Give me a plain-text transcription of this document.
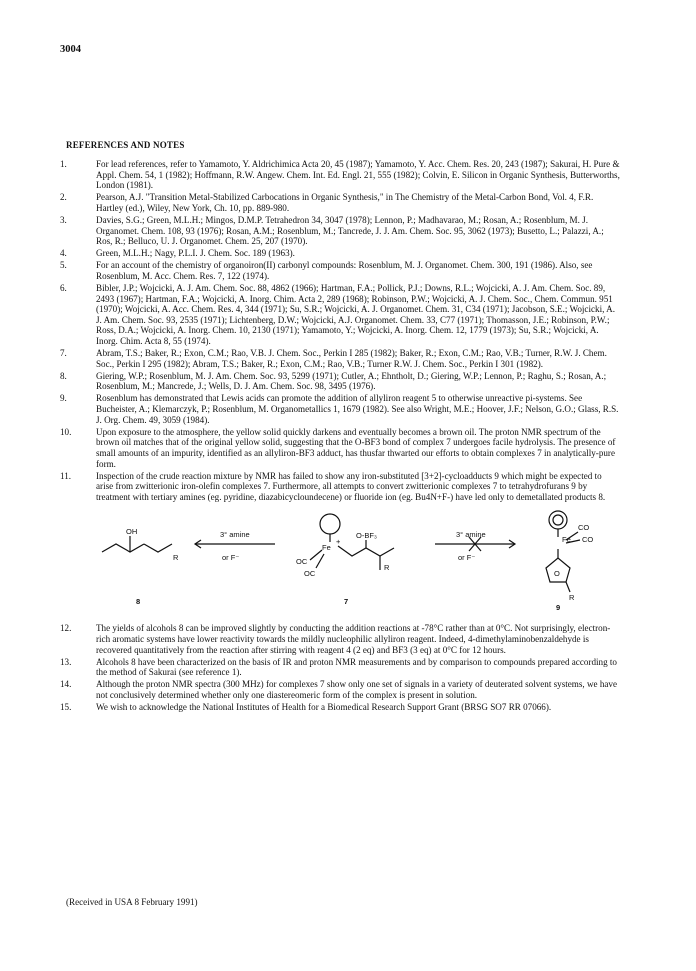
3004
REFERENCES AND NOTES
1.	For lead references, refer to Yamamoto, Y. Aldrichimica Acta 20, 45 (1987); Yamamoto, Y. Acc. Chem. Res. 20, 243 (1987); Sakurai, H. Pure & Appl. Chem. 54, 1 (1982); Hoffmann, R.W. Angew. Chem. Int. Ed. Engl. 21, 555 (1982); Colvin, E. Silicon in Organic Synthesis, Butterworths, London (1981).
2.	Pearson, A.J. "Transition Metal-Stabilized Carbocations in Organic Synthesis," in The Chemistry of the Metal-Carbon Bond, Vol. 4, F.R. Hartley (ed.), Wiley, New York, Ch. 10, pp. 889-980.
3.	Davies, S.G.; Green, M.L.H.; Mingos, D.M.P. Tetrahedron 34, 3047 (1978); Lennon, P.; Madhavarao, M.; Rosan, A.; Rosenblum, M. J. Organomet. Chem. 108, 93 (1976); Rosan, A.M.; Rosenblum, M.; Tancrede, J. J. Am. Chem. Soc. 95, 3062 (1973); Busetto, L.; Palazzi, A.; Ros, R.; Belluco, U. J. Organomet. Chem. 25, 207 (1970).
4.	Green, M.L.H.; Nagy, P.L.I. J. Chem. Soc. 189 (1963).
5.	For an account of the chemistry of organoiron(II) carbonyl compounds: Rosenblum, M. J. Organomet. Chem. 300, 191 (1986). Also, see Rosenblum, M. Acc. Chem. Res. 7, 122 (1974).
6.	Bibler, J.P.; Wojcicki, A. J. Am. Chem. Soc. 88, 4862 (1966); Hartman, F.A.; Pollick, P.J.; Downs, R.L.; Wojcicki, A. J. Am. Chem. Soc. 89, 2493 (1967); Hartman, F.A.; Wojcicki, A. Inorg. Chim. Acta 2, 289 (1968); Robinson, P.W.; Wojcicki, A. J. Chem. Soc., Chem. Commun. 951 (1970); Wojcicki, A. Acc. Chem. Res. 4, 344 (1971); Su, S.R.; Wojcicki, A. J. Organomet. Chem. 31, C34 (1971); Jacobson, S.E.; Wojcicki, A. J. Am. Chem. Soc. 93, 2535 (1971); Lichtenberg, D.W.; Wojcicki, A.J. Organomet. Chem. 33, C77 (1971); Thomasson, J.E.; Robinson, P.W.; Ross, D.A.; Wojcicki, A. Inorg. Chem. 10, 2130 (1971); Yamamoto, Y.; Wojcicki, A. Inorg. Chem. 12, 1779 (1973); Su, S.R.; Wojcicki, A. Inorg. Chim. Acta 8, 55 (1974).
7.	Abram, T.S.; Baker, R.; Exon, C.M.; Rao, V.B. J. Chem. Soc., Perkin I 285 (1982); Baker, R.; Exon, C.M.; Rao, V.B.; Turner, R.W. J. Chem. Soc., Perkin I 295 (1982); Abram, T.S.; Baker, R.; Exon, C.M.; Rao, V.B.; Turner R.W. J. Chem. Soc., Perkin I 301 (1982).
8.	Giering, W.P.; Rosenblum, M. J. Am. Chem. Soc. 93, 5299 (1971); Cutler, A.; Ehntholt, D.; Giering, W.P.; Lennon, P.; Raghu, S.; Rosan, A.; Rosenblum, M.; Mancrede, J.; Wells, D. J. Am. Chem. Soc. 98, 3495 (1976).
9.	Rosenblum has demonstrated that Lewis acids can promote the addition of allyliron reagent 5 to otherwise unreactive pi-systems. See Bucheister, A.; Klemarczyk, P.; Rosenblum, M. Organometallics 1, 1679 (1982). See also Wright, M.E.; Hoover, J.F.; Nelson, G.O.; Glass, R.S. J. Org. Chem. 49, 3059 (1984).
10.	Upon exposure to the atmosphere, the yellow solid quickly darkens and eventually becomes a brown oil. The proton NMR spectrum of the brown oil matches that of the original yellow solid, suggesting that the O-BF3 bond of complex 7 undergoes facile hydrolysis. The presence of small amounts of an impurity, identified as an allyliron-BF3 adduct, has thusfar thwarted our efforts to obtain complexes 7 in analytically-pure form.
11.	Inspection of the crude reaction mixture by NMR has failed to show any iron-substituted [3+2]-cycloadducts 9 which might be expected to arise from zwitterionic iron-olefin complexes 7. Furthermore, all attempts to convert zwitterionic complexes 7 to tetrahydrofurans 9 by treatment with tertiary amines (eg. pyridine, diazabicycloundecene) or fluoride ion (eg. Bu4N+F-) have led only to demetallated products 8.
OH
R
3° amine
or F⁻
Fe
+
OC
OC
O-BF₃
R
3° amine
or F⁻
Fe
CO
CO
O
R
8	7
9
12.	The yields of alcohols 8 can be improved slightly by conducting the addition reactions at -78°C rather than at 0°C. Not surprisingly, electron-rich aromatic systems have lower reactivity towards the mildly nucleophilic allyliron reagent. Indeed, 4-dimethylaminobenzaldehyde is recovered quantitatively from the reaction after stirring with reagent 4 (2 eq) and BF3 (3 eq) at 0°C for 12 hours.
13.	Alcohols 8 have been characterized on the basis of IR and proton NMR measurements and by comparison to compounds prepared according to the method of Sakurai (see reference 1).
14.	Although the proton NMR spectra (300 MHz) for complexes 7 show only one set of signals in a variety of deuterated solvent systems, we have not conclusively determined whether only one diastereomeric form of the complex is present in solution.
15.	We wish to acknowledge the National Institutes of Health for a Biomedical Research Support Grant (BRSG SO7 RR 07066).
(Received in USA 8 February 1991)
